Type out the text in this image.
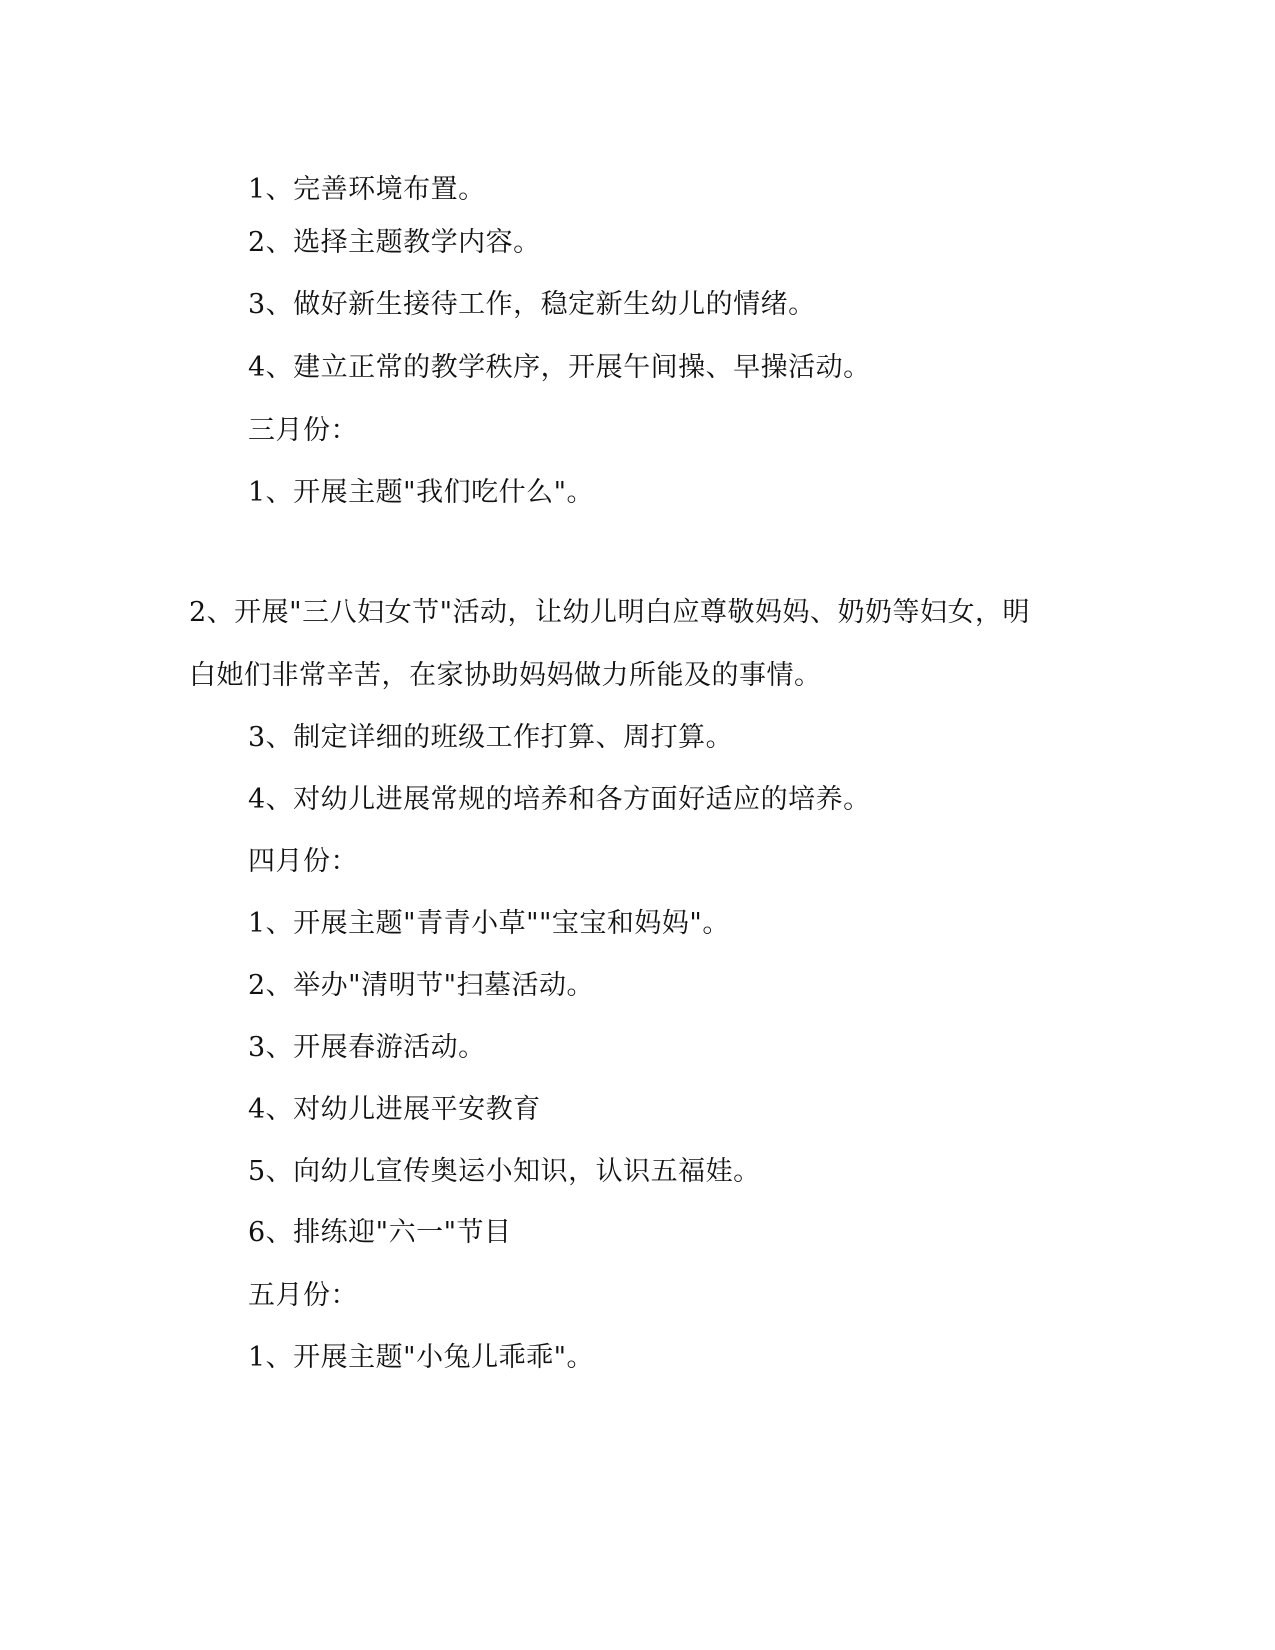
1、完善环境布置。
2、选择主题教学内容。
3、做好新生接待工作，稳定新生幼儿的情绪。
4、建立正常的教学秩序，开展午间操、早操活动。
三月份：
1、开展主题"我们吃什么"。
2、开展"三八妇女节"活动，让幼儿明白应尊敬妈妈、奶奶等妇女，明
白她们非常辛苦，在家协助妈妈做力所能及的事情。
3、制定详细的班级工作打算、周打算。
4、对幼儿进展常规的培养和各方面好适应的培养。
四月份：
1、开展主题"青青小草""宝宝和妈妈"。
2、举办"清明节"扫墓活动。
3、开展春游活动。
4、对幼儿进展平安教育
5、向幼儿宣传奥运小知识，认识五福娃。
6、排练迎"六一"节目
五月份：
1、开展主题"小兔儿乖乖"。
